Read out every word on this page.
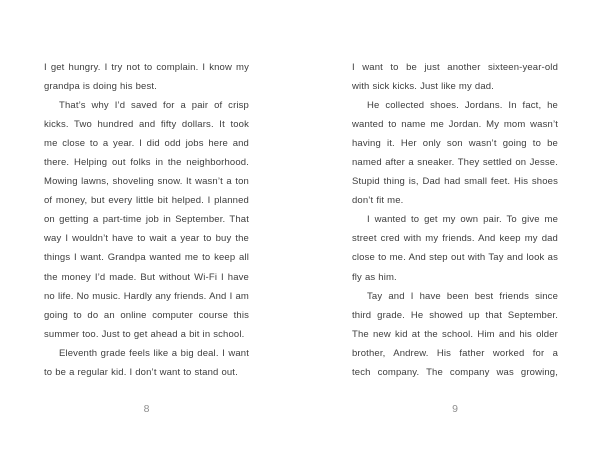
I get hungry. I try not to complain. I know my
grandpa is doing his best.
That’s why I’d saved for a pair of crisp
kicks. Two hundred and fifty dollars. It took
me close to a year. I did odd jobs here and
there. Helping out folks in the neighborhood.
Mowing lawns, shoveling snow. It wasn’t a ton
of money, but every little bit helped. I planned
on getting a part-time job in September. That
way I wouldn’t have to wait a year to buy the
things I want. Grandpa wanted me to keep all
the money I’d made. But without Wi-Fi I have
no life. No music. Hardly any friends. And I am
going to do an online computer course this
summer too. Just to get ahead a bit in school.
Eleventh grade feels like a big deal. I want
to be a regular kid. I don’t want to stand out.
8
I want to be just another sixteen-year-old
with sick kicks. Just like my dad.
He collected shoes. Jordans. In fact, he
wanted to name me Jordan. My mom wasn’t
having it. Her only son wasn’t going to be
named after a sneaker. They settled on Jesse.
Stupid thing is, Dad had small feet. His shoes
don’t fit me.
I wanted to get my own pair. To give me
street cred with my friends. And keep my dad
close to me. And step out with Tay and look as
fly as him.
Tay and I have been best friends since
third grade. He showed up that September.
The new kid at the school. Him and his older
brother, Andrew. His father worked for a
tech company. The company was growing,
9
